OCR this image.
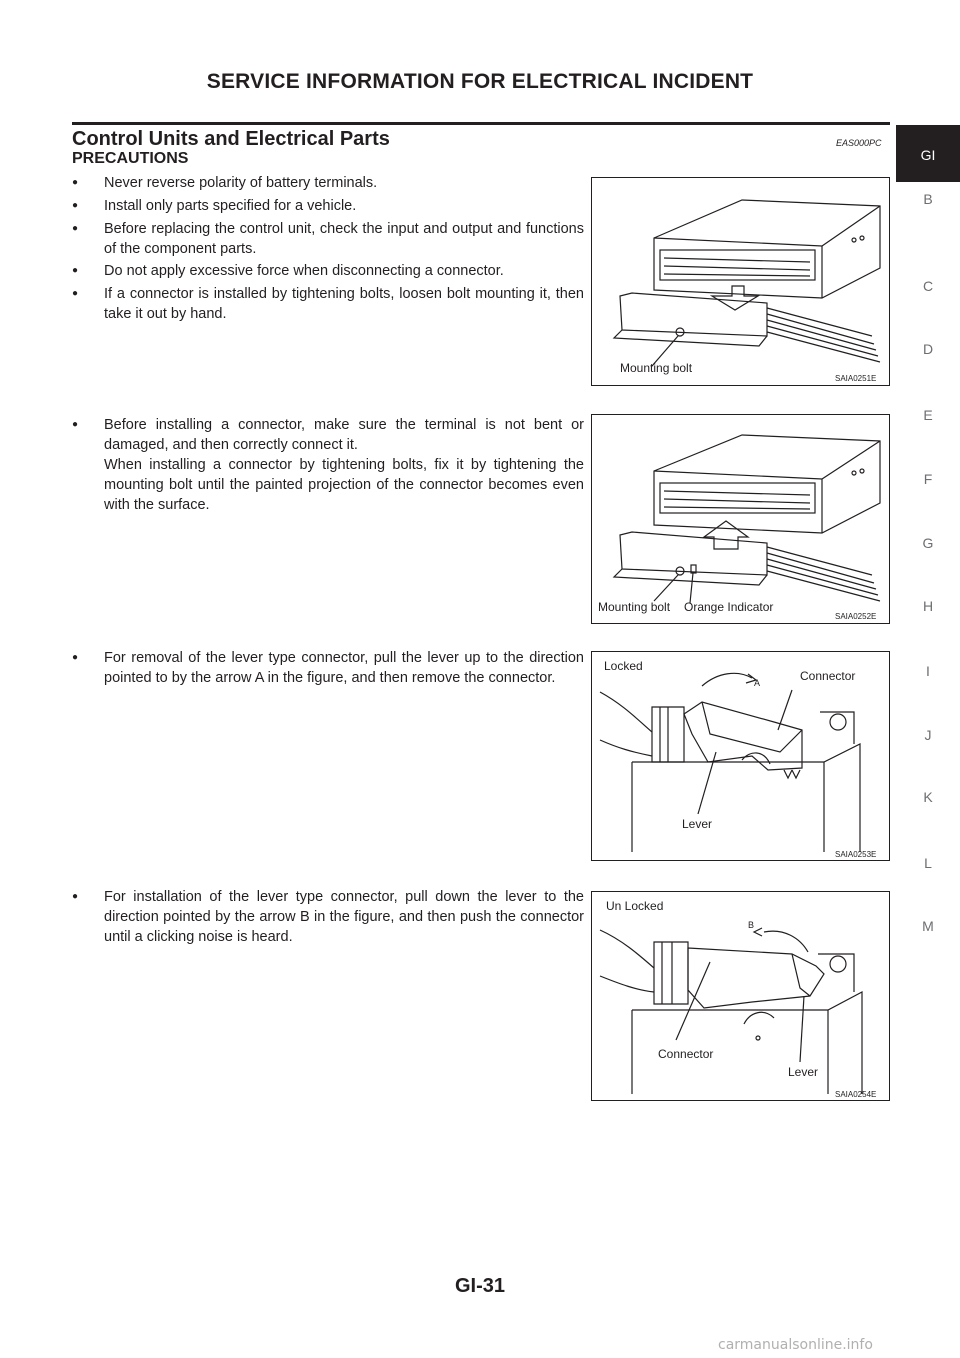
SERVICE INFORMATION FOR ELECTRICAL INCIDENT
Control Units and Electrical Parts	EAS000PC
PRECAUTIONS
● Never reverse polarity of battery terminals.
● Install only parts specified for a vehicle.
● Before replacing the control unit, check the input and output and functions of the component parts.
● Do not apply excessive force when disconnecting a connector.
● If a connector is installed by tightening bolts, loosen bolt mounting it, then take it out by hand.
● Before installing a connector, make sure the terminal is not bent or damaged, and then correctly connect it.

When installing a connector by tightening bolts, fix it by tightening the mounting bolt until the painted projection of the connector becomes even with the surface.

● For removal of the lever type connector, pull the lever up to the direction pointed to by the arrow A in the figure, and then remove the connector.
● For installation of the lever type connector, pull down the lever to the direction pointed by the arrow B in the figure, and then push the connector until a clicking noise is heard.
Mounting bolt
SAIA0251E
Mounting bolt Orange Indicator
SAIA0252E
Locked
A	Connector
Lever
SAIA0253E
Un Locked
B
Connector
Lever
SAIA0254E
GI
B
C
D
E
F
G
H
I
J
K
L
M
GI-31
carmanualsonline.info
